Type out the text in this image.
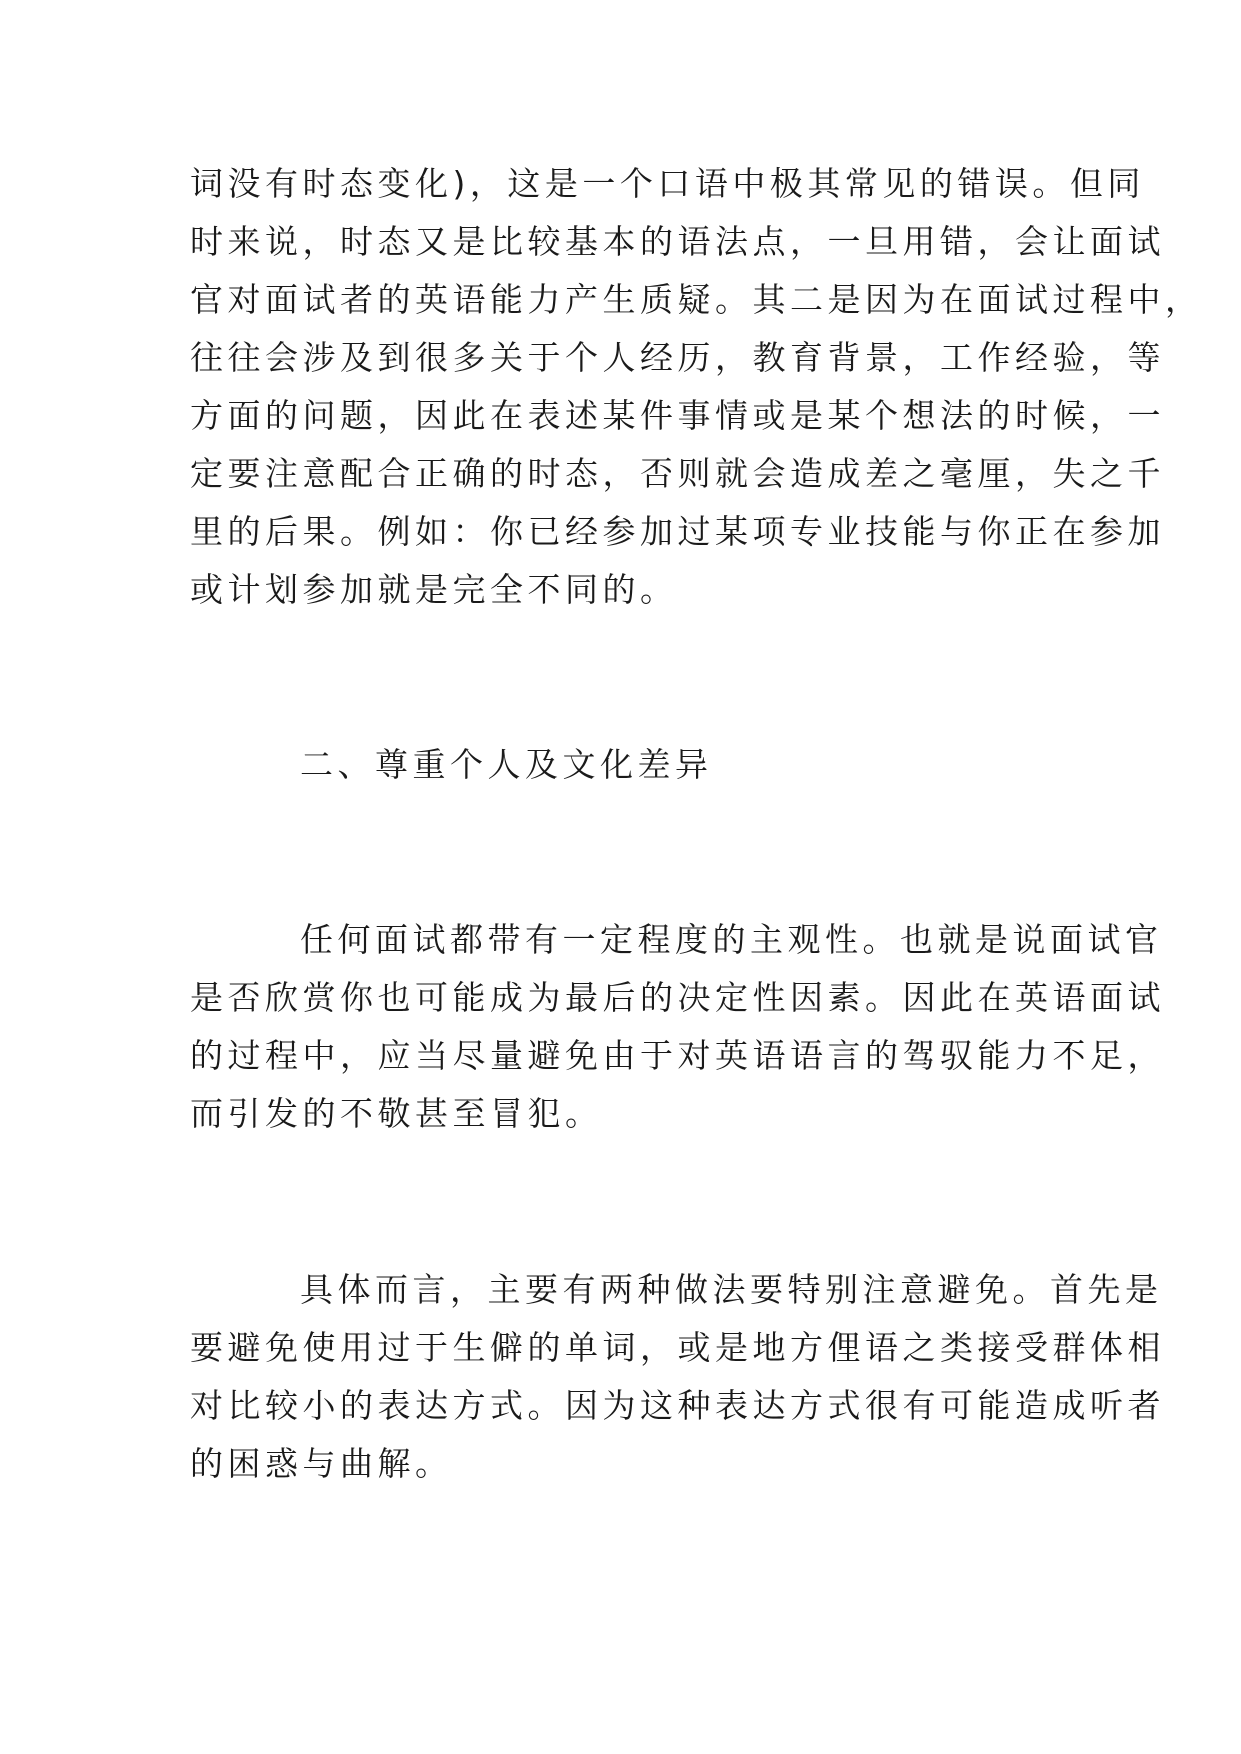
词没有时态变化)，这是一个口语中极其常见的错误。但同
时来说，时态又是比较基本的语法点，一旦用错，会让面试
官对面试者的英语能力产生质疑。其二是因为在面试过程中，
往往会涉及到很多关于个人经历，教育背景，工作经验，等
方面的问题，因此在表述某件事情或是某个想法的时候，一
定要注意配合正确的时态，否则就会造成差之毫厘，失之千
里的后果。例如：你已经参加过某项专业技能与你正在参加
或计划参加就是完全不同的。
二、尊重个人及文化差异
任何面试都带有一定程度的主观性。也就是说面试官
是否欣赏你也可能成为最后的决定性因素。因此在英语面试
的过程中，应当尽量避免由于对英语语言的驾驭能力不足，
而引发的不敬甚至冒犯。
具体而言，主要有两种做法要特别注意避免。首先是
要避免使用过于生僻的单词，或是地方俚语之类接受群体相
对比较小的表达方式。因为这种表达方式很有可能造成听者
的困惑与曲解。
